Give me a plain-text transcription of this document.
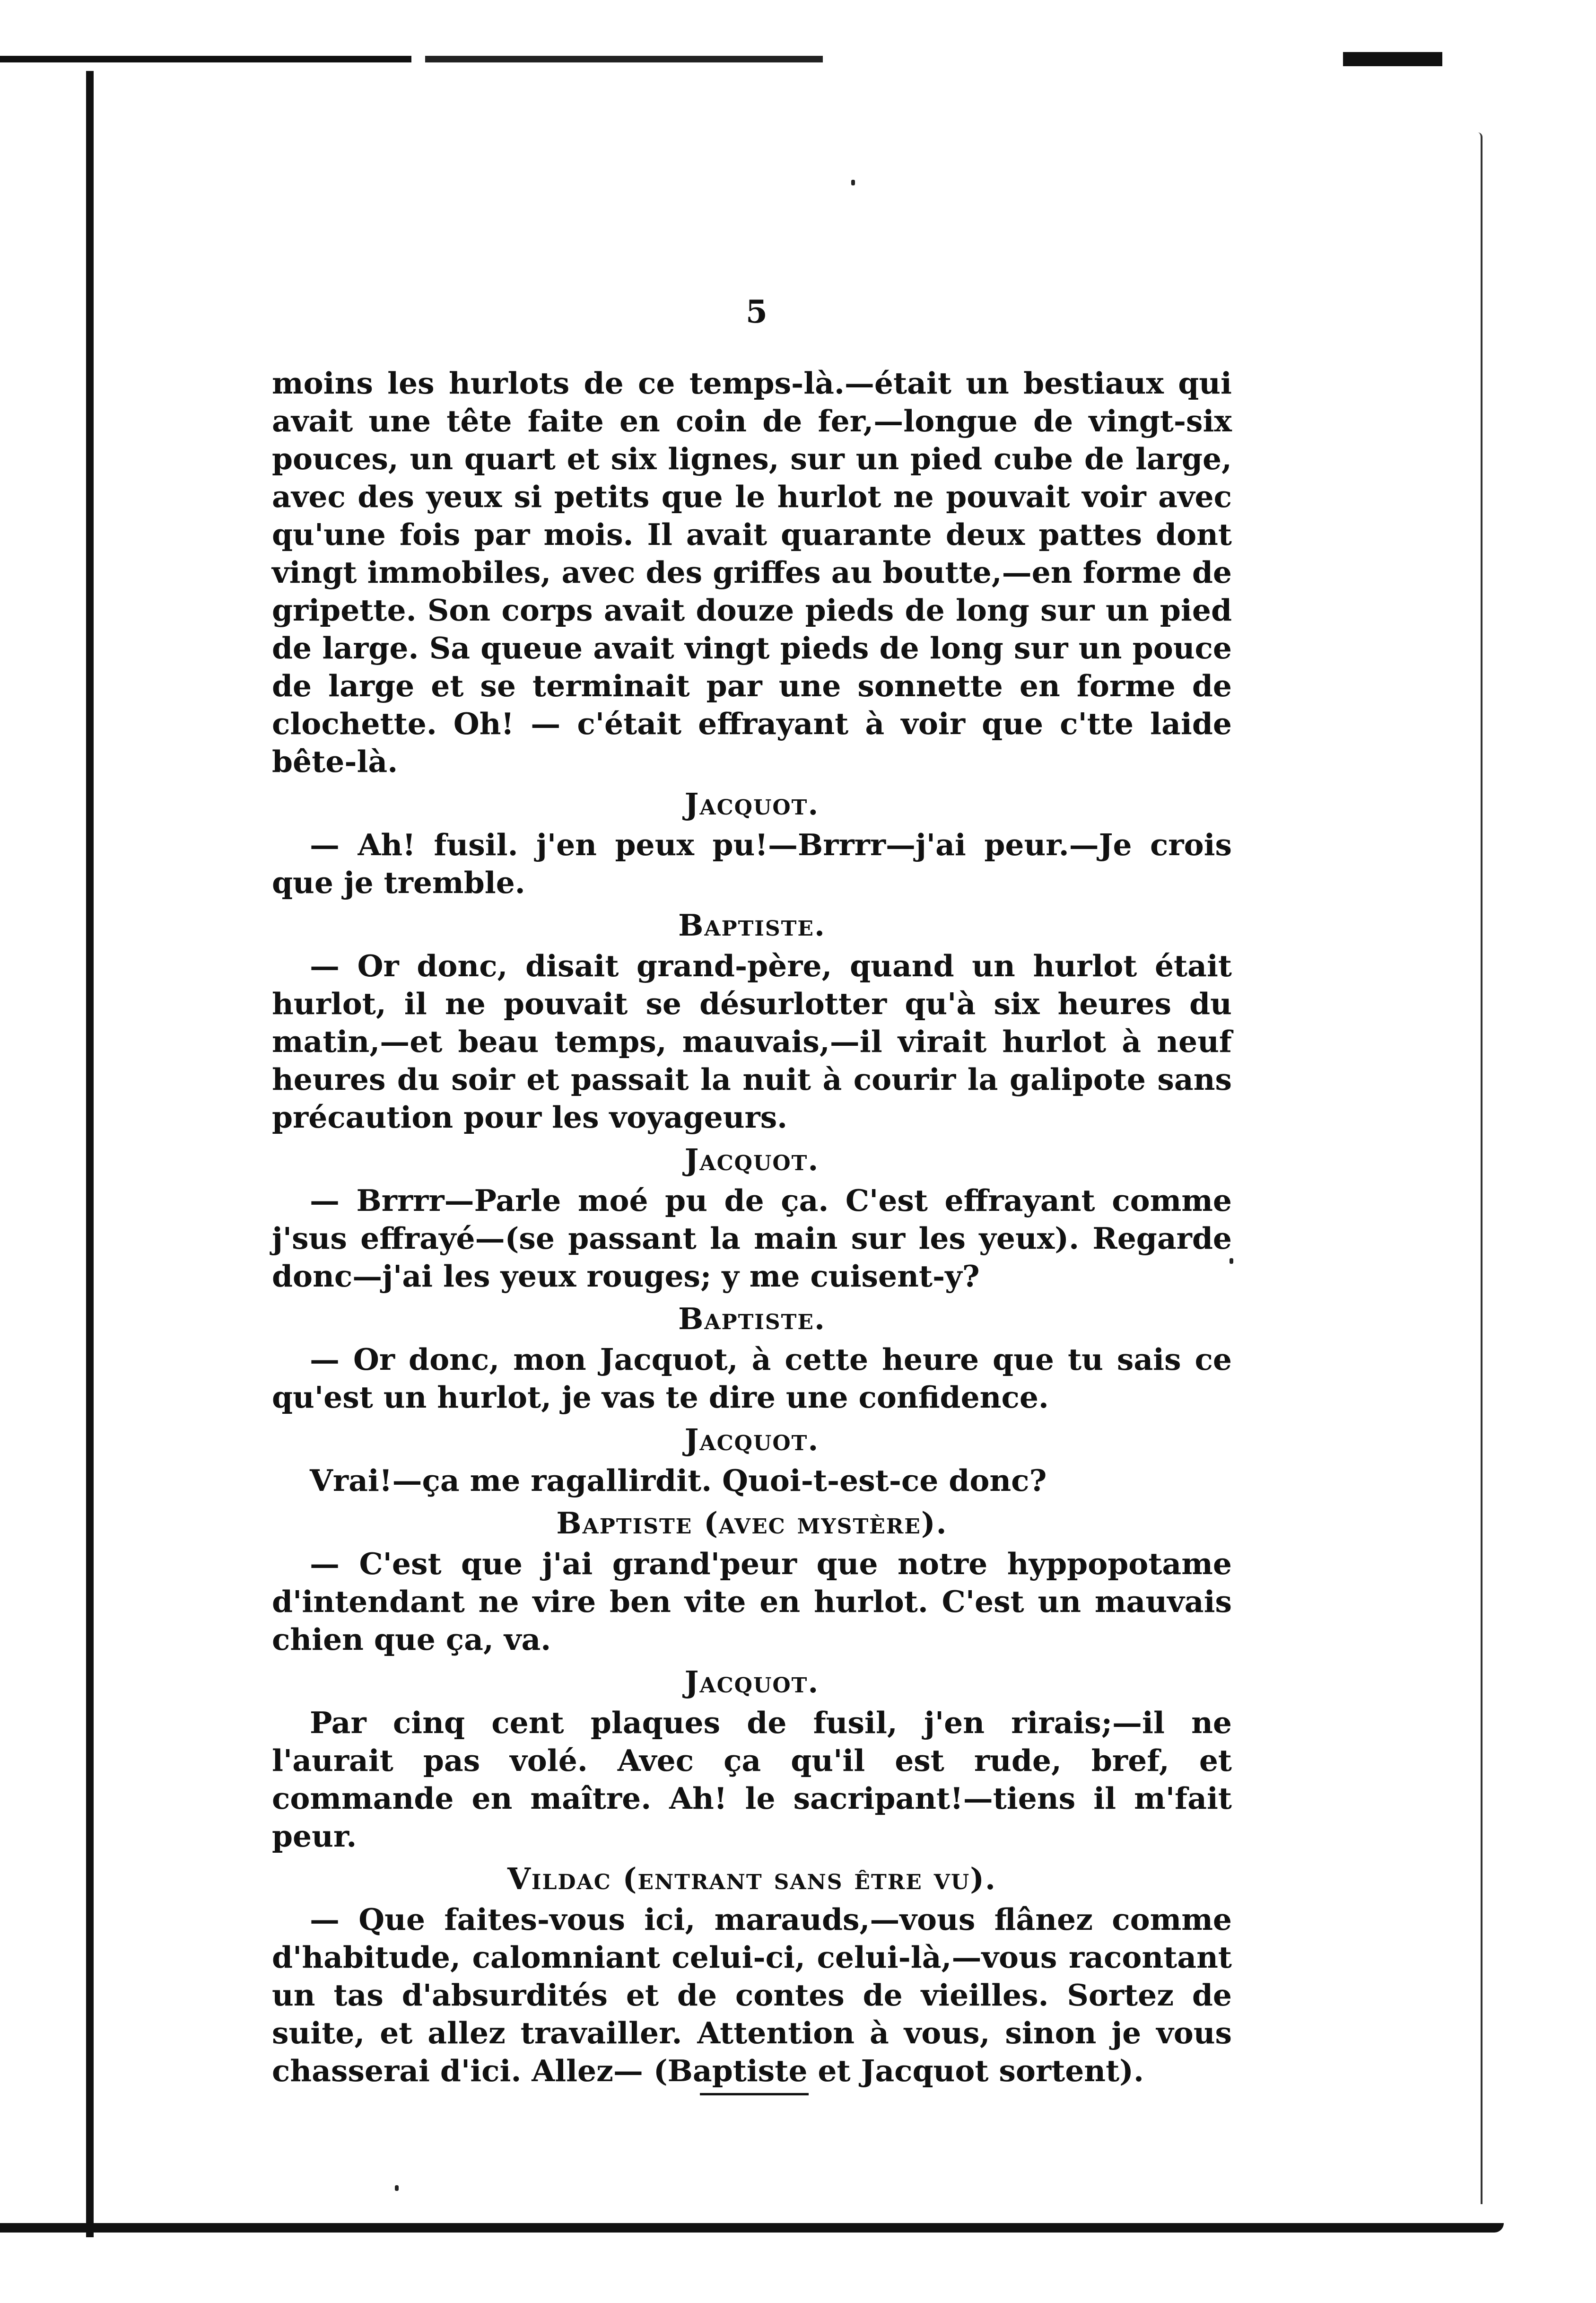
5

moins les hurlots de ce temps-là.—était un bestiaux qui avait une tête faite en coin de fer,—longue de vingt-six pouces, un quart et six lignes, sur un pied cube de large, avec des yeux si petits que le hurlot ne pouvait voir avec qu'une fois par mois. Il avait quarante deux pattes dont vingt immobiles, avec des griffes au boutte,—en forme de gripette. Son corps avait douze pieds de long sur un pied de large. Sa queue avait vingt pieds de long sur un pouce de large et se terminait par une sonnette en forme de clochette. Oh! — c'était effrayant à voir que c'tte laide bête-là.

Jacquot.

— Ah! fusil. j'en peux pu!—Brrrr—j'ai peur.—Je crois que je tremble.

Baptiste.

— Or donc, disait grand-père, quand un hurlot était hurlot, il ne pouvait se désurlotter qu'à six heures du matin,—et beau temps, mauvais,—il virait hurlot à neuf heures du soir et passait la nuit à courir la galipote sans précaution pour les voyageurs.

Jacquot.

— Brrrr—Parle moé pu de ça. C'est effrayant comme j'sus effrayé—(se passant la main sur les yeux). Regarde donc—j'ai les yeux rouges; y me cuisent-y?

Baptiste.

— Or donc, mon Jacquot, à cette heure que tu sais ce qu'est un hurlot, je vas te dire une confidence.

Jacquot.

Vrai!—ça me ragallirdit. Quoi-t-est-ce donc?

Baptiste (avec mystère).

— C'est que j'ai grand'peur que notre hyppopotame d'intendant ne vire ben vite en hurlot. C'est un mauvais chien que ça, va.

Jacquot.

Par cinq cent plaques de fusil, j'en rirais;—il ne l'aurait pas volé. Avec ça qu'il est rude, bref, et commande en maître. Ah! le sacripant!—tiens il m'fait peur.

Vildac (entrant sans être vu).

— Que faites-vous ici, marauds,—vous flânez comme d'habitude, calomniant celui-ci, celui-là,—vous racontant un tas d'absurdités et de contes de vieilles. Sortez de suite, et allez travailler. Attention à vous, sinon je vous chasserai d'ici. Allez— (Baptiste et Jacquot sortent).
